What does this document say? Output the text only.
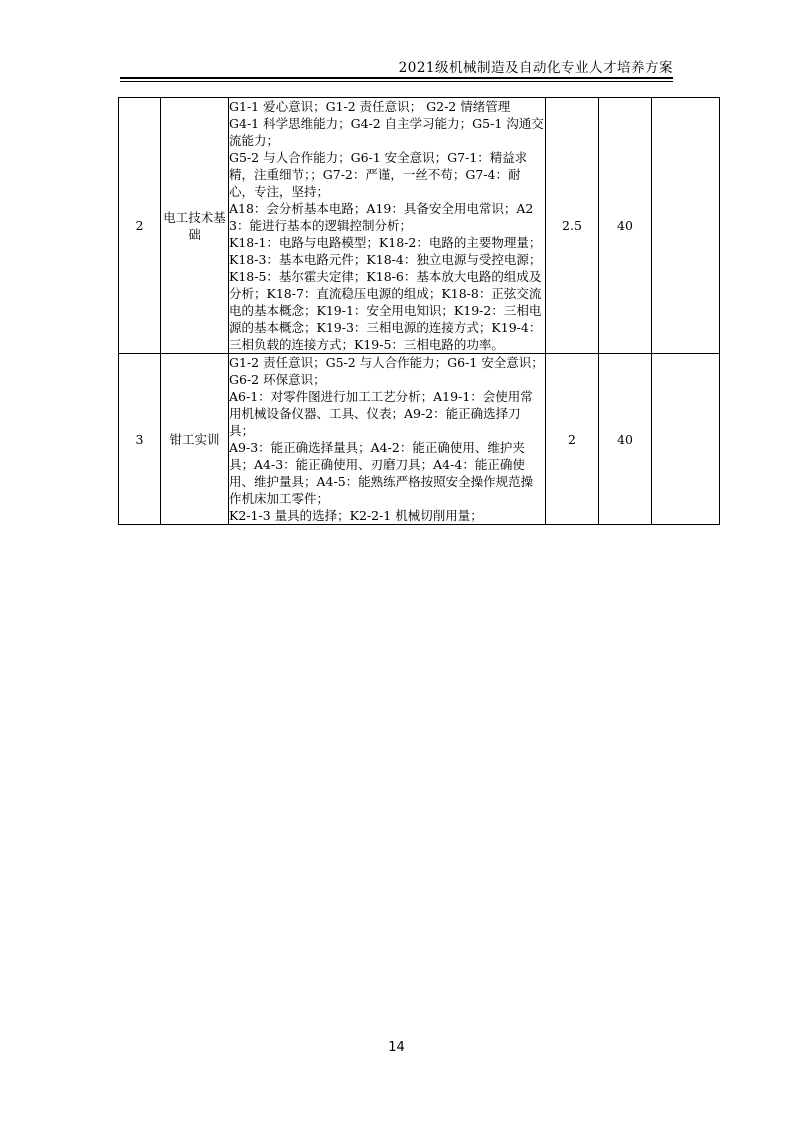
2021级机械制造及自动化专业人才培养方案
2	电工技术基础	G1-1 爱心意识；G1-2 责任意识； G2-2 情绪管理
G4-1 科学思维能力；G4-2 自主学习能力；G5-1 沟通交流能力；
G5-2 与人合作能力；G6-1 安全意识；G7-1：精益求精，注重细节；；G7-2：严谨，一丝不苟；G7-4：耐心，专注，坚持；
A18：会分析基本电路；A19：具备安全用电常识；A23：能进行基本的逻辑控制分析；
K18-1：电路与电路模型；K18-2：电路的主要物理量；K18-3：基本电路元件；K18-4：独立电源与受控电源；K18-5：基尔霍夫定律；K18-6：基本放大电路的组成及分析；K18-7：直流稳压电源的组成；K18-8：正弦交流电的基本概念；K19-1：安全用电知识；K19-2：三相电源的基本概念；K19-3：三相电源的连接方式；K19-4：三相负载的连接方式；K19-5：三相电路的功率。	2.5	40	
3	钳工实训	G1-2 责任意识；G5-2 与人合作能力；G6-1 安全意识；G6-2 环保意识；
A6-1：对零件图进行加工工艺分析；A19-1：会使用常用机械设备仪器、工具、仪表；A9-2：能正确选择刀具；
A9-3：能正确选择量具；A4-2：能正确使用、维护夹具；A4-3：能正确使用、刃磨刀具；A4-4：能正确使用、维护量具；A4-5：能熟练严格按照安全操作规范操作机床加工零件；
K2-1-3 量具的选择；K2-2-1 机械切削用量；	2	40	
14
